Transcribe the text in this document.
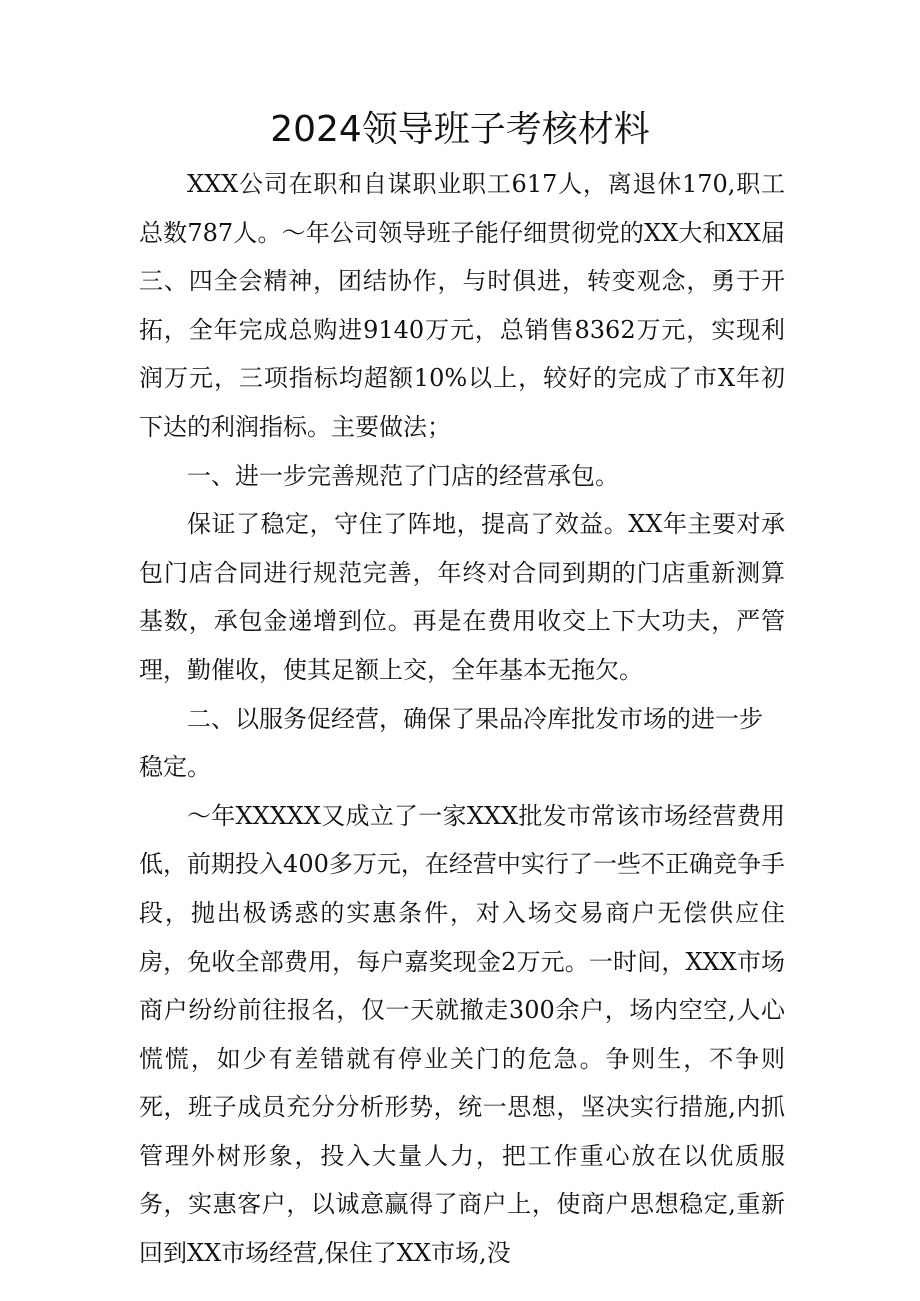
2024领导班子考核材料

XXX公司在职和自谋职业职工617人，离退休170,职工总数787人。～年公司领导班子能仔细贯彻党的XX大和XX届三、四全会精神，团结协作，与时俱进，转变观念，勇于开拓，全年完成总购进9140万元，总销售8362万元，实现利润万元，三项指标均超额10%以上，较好的完成了市X年初下达的利润指标。主要做法；

一、进一步完善规范了门店的经营承包。

保证了稳定，守住了阵地，提高了效益。XX年主要对承包门店合同进行规范完善，年终对合同到期的门店重新测算基数，承包金递增到位。再是在费用收交上下大功夫，严管理，勤催收，使其足额上交，全年基本无拖欠。

二、以服务促经营，确保了果品冷库批发市场的进一步稳定。

～年XXXXX又成立了一家XXX批发市常该市场经营费用低，前期投入400多万元，在经营中实行了一些不正确竞争手段，抛出极诱惑的实惠条件，对入场交易商户无偿供应住房，免收全部费用，每户嘉奖现金2万元。一时间，XXX市场商户纷纷前往报名，仅一天就撤走300余户，场内空空,人心慌慌，如少有差错就有停业关门的危急。争则生，不争则死，班子成员充分分析形势，统一思想，坚决实行措施,内抓管理外树形象，投入大量人力，把工作重心放在以优质服务，实惠客户，以诚意赢得了商户上，使商户思想稳定,重新回到XX市场经营,保住了XX市场,没
